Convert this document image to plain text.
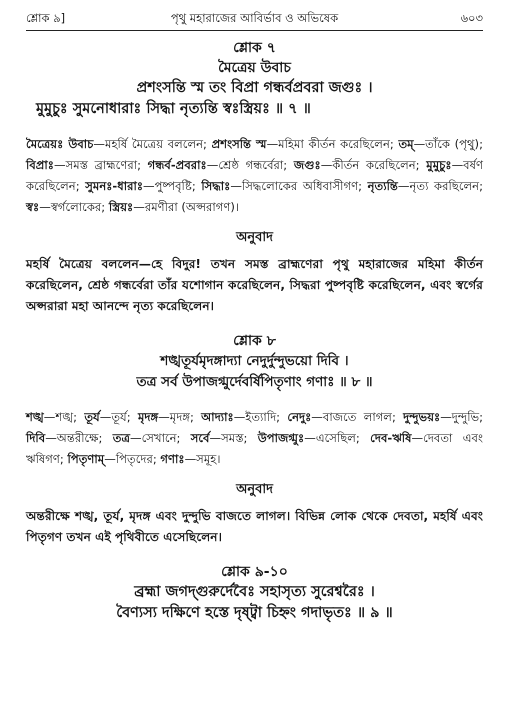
শ্লোক ৯]	পৃথু মহারাজের আবির্ভাব ও অভিষেক	৬০৩
শ্লোক ৭
মৈত্রেয় উবাচ
প্রশংসন্তি স্ম তং বিপ্রা গন্ধর্বপ্রবরা জগুঃ ।
মুমুচুঃ সুমনোধারাঃ সিদ্ধা নৃত্যন্তি স্বঃস্ত্রিয়ঃ ॥ ৭ ॥
মৈত্রেয়ঃ উবাচ—মহর্ষি মৈত্রেয় বললেন; প্রশংসন্তি স্ম—মহিমা কীর্তন করেছিলেন; তম্—তাঁকে (পৃথু); বিপ্রাঃ—সমস্ত ব্রাহ্মণেরা; গন্ধর্ব-প্রবরাঃ—শ্রেষ্ঠ গন্ধর্বেরা; জগুঃ—কীর্তন করেছিলেন; মুমুচুঃ—বর্ষণ করেছিলেন; সুমনঃ-ধারাঃ—পুষ্পবৃষ্টি; সিদ্ধাঃ—সিদ্ধলোকের অধিবাসীগণ; নৃত্যন্তি—নৃত্য করছিলেন; স্বঃ—স্বর্গলোকের; স্ত্রিয়ঃ—রমণীরা (অপ্সরাগণ)।
অনুবাদ
মহর্ষি মৈত্রেয় বললেন—হে বিদুর! তখন সমস্ত ব্রাহ্মণেরা পৃথু মহারাজের মহিমা কীর্তন করেছিলেন, শ্রেষ্ঠ গন্ধর্বেরা তাঁর যশোগান করেছিলেন, সিদ্ধরা পুষ্পবৃষ্টি করেছিলেন, এবং স্বর্গের অপ্সরারা মহা আনন্দে নৃত্য করেছিলেন।
শ্লোক ৮
শঙ্খতূর্যমৃদঙ্গাদ্যা নেদুর্দুন্দুভয়ো দিবি ।
তত্র সর্ব উপাজগ্মুর্দেবর্ষিপিতৃণাং গণাঃ ॥ ৮ ॥
শঙ্খ—শঙ্খ; তূর্য—তূর্য; মৃদঙ্গ—মৃদঙ্গ; আদ্যাঃ—ইত্যাদি; নেদুঃ—বাজতে লাগল; দুন্দুভয়ঃ—দুন্দুভি; দিবি—অন্তরীক্ষে; তত্র—সেখানে; সর্বে—সমস্ত; উপাজগ্মুঃ—এসেছিল; দেব-ঋষি—দেবতা এবং ঋষিগণ; পিতৃণাম্—পিতৃদের; গণাঃ—সমূহ।
অনুবাদ
অন্তরীক্ষে শঙ্খ, তূর্য, মৃদঙ্গ এবং দুন্দুভি বাজতে লাগল। বিভিন্ন লোক থেকে দেবতা, মহর্ষি এবং পিতৃগণ তখন এই পৃথিবীতে এসেছিলেন।
শ্লোক ৯-১০
ব্রহ্মা জগদ্‌গুরুর্দেবৈঃ সহাসৃত্য সুরেশ্বরৈঃ ।
বৈণ্যস্য দক্ষিণে হস্তে দৃষ্ট্বা চিহ্নং গদাভৃতঃ ॥ ৯ ॥
